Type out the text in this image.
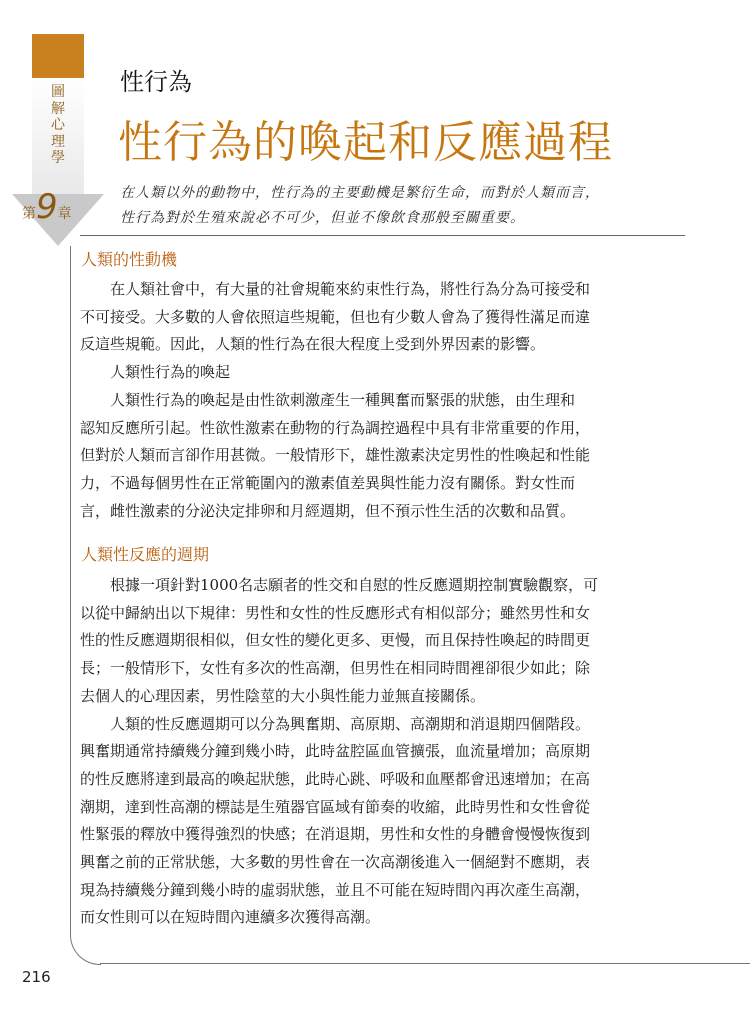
圖
解
心
理
學
第9章
性行為
性行為的喚起和反應過程
在人類以外的動物中，性行為的主要動機是繁衍生命，而對於人類而言，
性行為對於生殖來說必不可少，但並不像飲食那般至關重要。
人類的性動機
　　在人類社會中，有大量的社會規範來約束性行為，將性行為分為可接受和
不可接受。大多數的人會依照這些規範，但也有少數人會為了獲得性滿足而違
反這些規範。因此，人類的性行為在很大程度上受到外界因素的影響。
　　人類性行為的喚起
　　人類性行為的喚起是由性欲刺激產生一種興奮而緊張的狀態，由生理和
認知反應所引起。性欲性激素在動物的行為調控過程中具有非常重要的作用，
但對於人類而言卻作用甚微。一般情形下，雄性激素決定男性的性喚起和性能
力，不過每個男性在正常範圍內的激素值差異與性能力沒有關係。對女性而
言，雌性激素的分泌決定排卵和月經週期，但不預示性生活的次數和品質。
人類性反應的週期
　　根據一項針對1000名志願者的性交和自慰的性反應週期控制實驗觀察，可
以從中歸納出以下規律：男性和女性的性反應形式有相似部分；雖然男性和女
性的性反應週期很相似，但女性的變化更多、更慢，而且保持性喚起的時間更
長；一般情形下，女性有多次的性高潮，但男性在相同時間裡卻很少如此；除
去個人的心理因素，男性陰莖的大小與性能力並無直接關係。
　　人類的性反應週期可以分為興奮期、高原期、高潮期和消退期四個階段。
興奮期通常持續幾分鐘到幾小時，此時盆腔區血管擴張，血流量增加；高原期
的性反應將達到最高的喚起狀態，此時心跳、呼吸和血壓都會迅速增加；在高
潮期，達到性高潮的標誌是生殖器官區域有節奏的收縮，此時男性和女性會從
性緊張的釋放中獲得強烈的快感；在消退期，男性和女性的身體會慢慢恢復到
興奮之前的正常狀態，大多數的男性會在一次高潮後進入一個絕對不應期，表
現為持續幾分鐘到幾小時的虛弱狀態，並且不可能在短時間內再次產生高潮，
而女性則可以在短時間內連續多次獲得高潮。
216
